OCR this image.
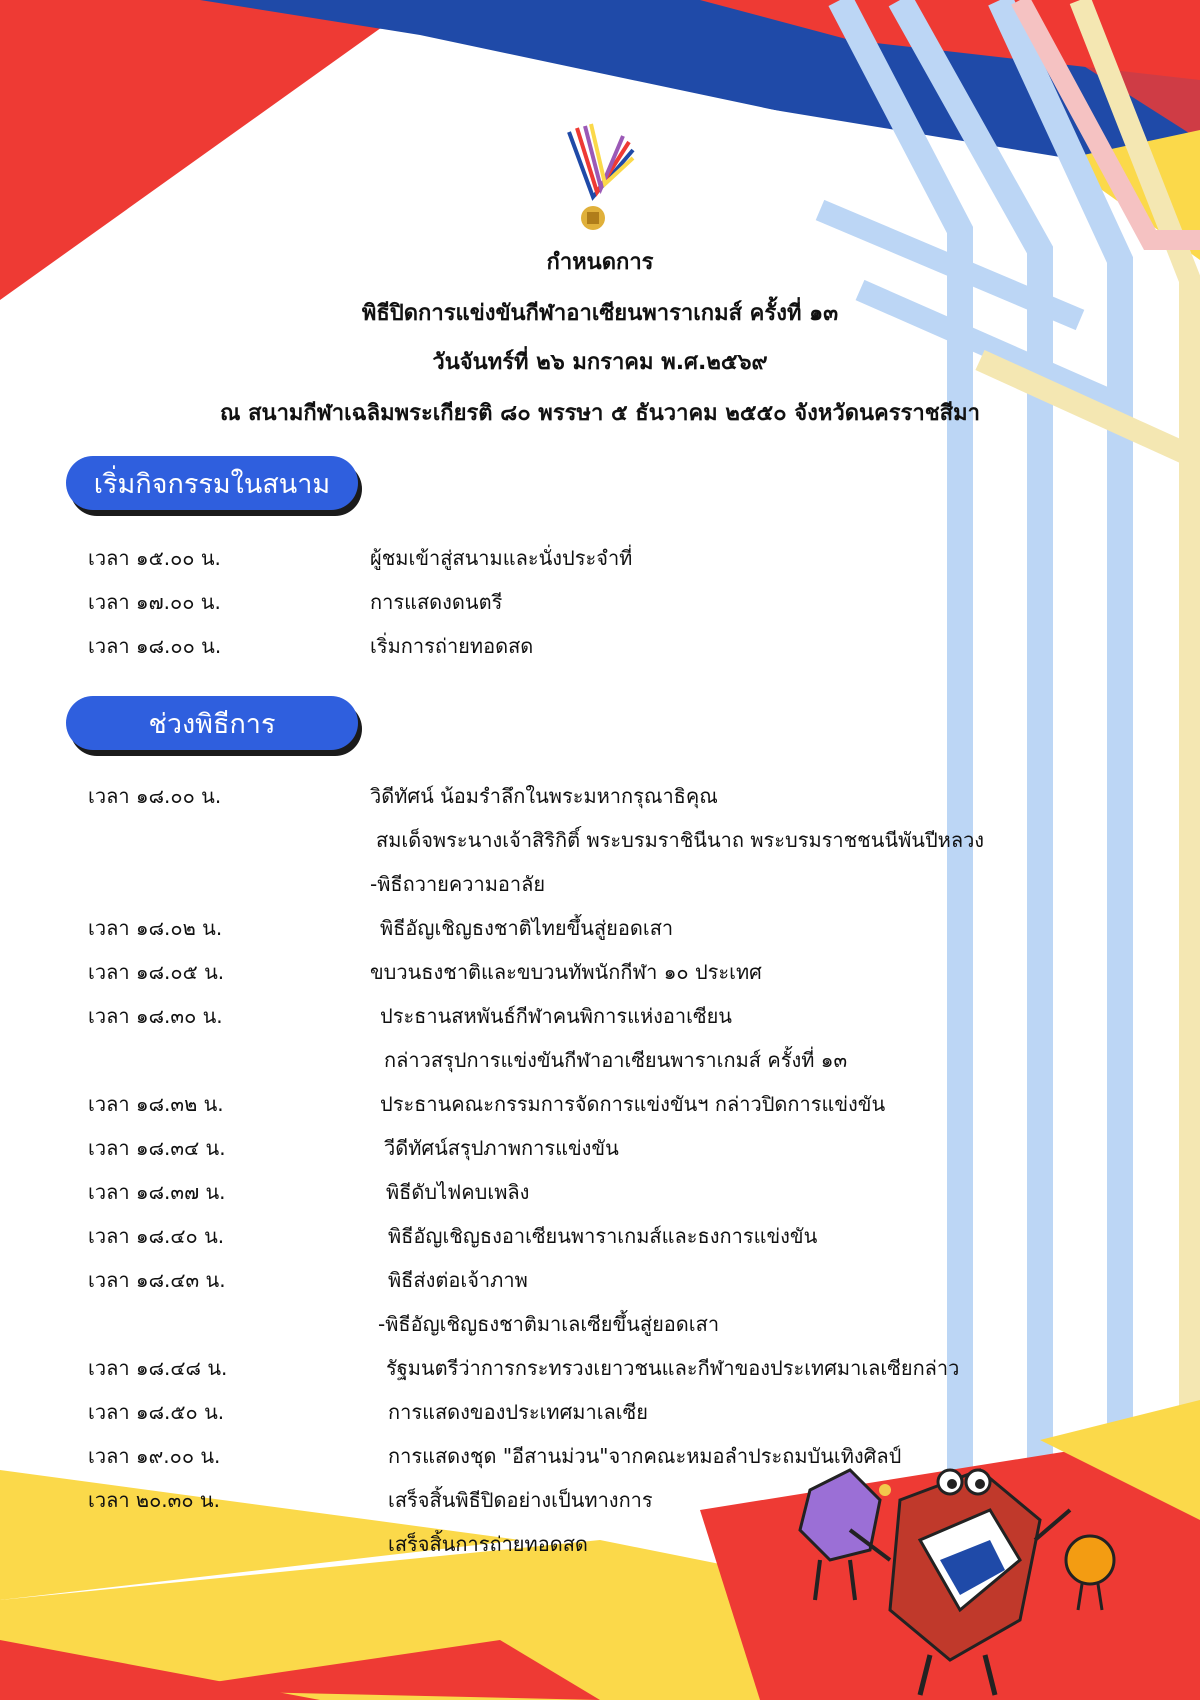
กำหนดการ
พิธีปิดการแข่งขันกีฬาอาเซียนพาราเกมส์ ครั้งที่ ๑๓
วันจันทร์ที่ ๒๖ มกราคม พ.ศ.๒๕๖๙
ณ สนามกีฬาเฉลิมพระเกียรติ ๘๐ พรรษา ๕ ธันวาคม ๒๕๕๐ จังหวัดนครราชสีมา
เริ่มกิจกรรมในสนาม
เวลา ๑๕.๐๐ น.	ผู้ชมเข้าสู่สนามและนั่งประจำที่
เวลา ๑๗.๐๐ น.	การแสดงดนตรี
เวลา ๑๘.๐๐ น.	เริ่มการถ่ายทอดสด
ช่วงพิธีการ
เวลา ๑๘.๐๐ น.	วิดีทัศน์ น้อมรำลึกในพระมหากรุณาธิคุณ
สมเด็จพระนางเจ้าสิริกิติ์ พระบรมราชินีนาถ พระบรมราชชนนีพันปีหลวง
-พิธีถวายความอาลัย
เวลา ๑๘.๐๒ น.	พิธีอัญเชิญธงชาติไทยขึ้นสู่ยอดเสา
เวลา ๑๘.๐๕ น.	ขบวนธงชาติและขบวนทัพนักกีฬา ๑๐ ประเทศ
เวลา ๑๘.๓๐ น.	ประธานสหพันธ์กีฬาคนพิการแห่งอาเซียน
กล่าวสรุปการแข่งขันกีฬาอาเซียนพาราเกมส์ ครั้งที่ ๑๓
เวลา ๑๘.๓๒ น.	ประธานคณะกรรมการจัดการแข่งขันฯ กล่าวปิดการแข่งขัน
เวลา ๑๘.๓๔ น.	วีดีทัศน์สรุปภาพการแข่งขัน
เวลา ๑๘.๓๗ น.	พิธีดับไฟคบเพลิง
เวลา ๑๘.๔๐ น.	พิธีอัญเชิญธงอาเซียนพาราเกมส์และธงการแข่งขัน
เวลา ๑๘.๔๓ น.	พิธีส่งต่อเจ้าภาพ
-พิธีอัญเชิญธงชาติมาเลเซียขึ้นสู่ยอดเสา
เวลา ๑๘.๔๘ น.	รัฐมนตรีว่าการกระทรวงเยาวชนและกีฬาของประเทศมาเลเซียกล่าว
เวลา ๑๘.๕๐ น.	การแสดงของประเทศมาเลเซีย
เวลา ๑๙.๐๐ น.	การแสดงชุด "อีสานม่วน"จากคณะหมอลำประถมบันเทิงศิลป์
เวลา ๒๐.๓๐ น.	เสร็จสิ้นพิธีปิดอย่างเป็นทางการ
เสร็จสิ้นการถ่ายทอดสด
